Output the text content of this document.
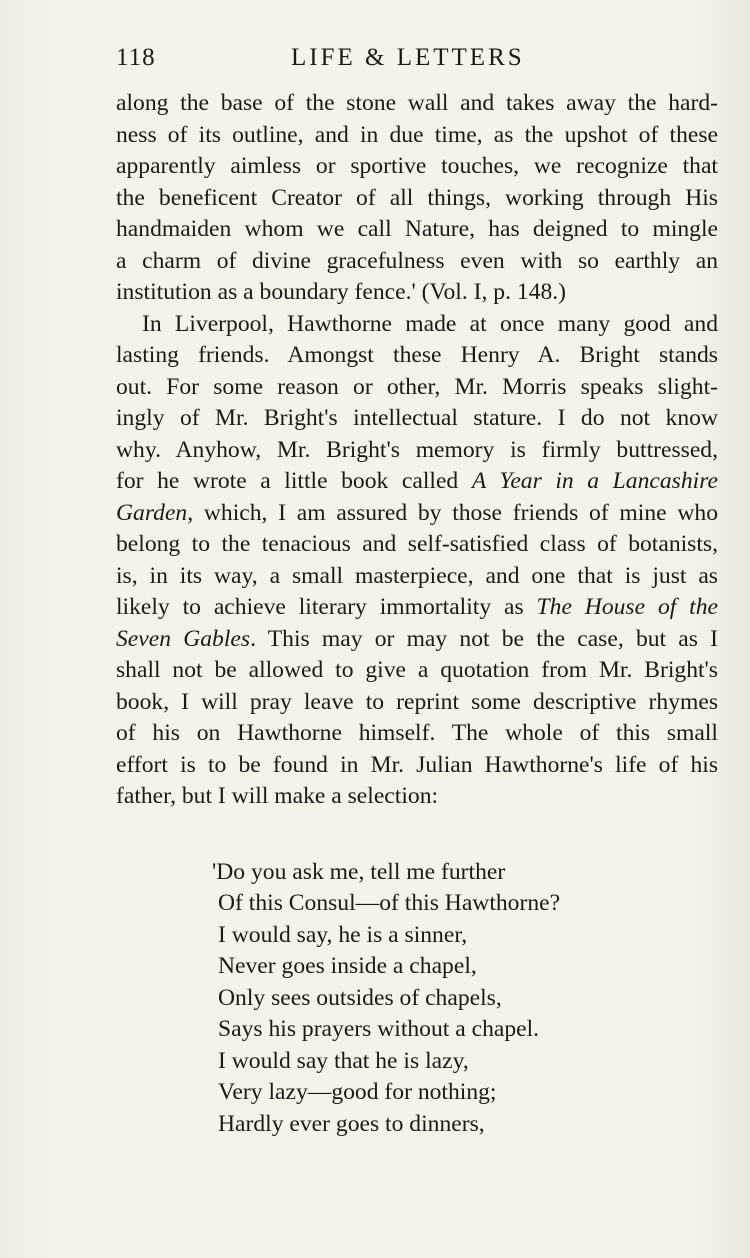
118	LIFE & LETTERS
along the base of the stone wall and takes away the hard-
ness of its outline, and in due time, as the upshot of these
apparently aimless or sportive touches, we recognize that
the beneficent Creator of all things, working through His
handmaiden whom we call Nature, has deigned to mingle
a charm of divine gracefulness even with so earthly an
institution as a boundary fence.' (Vol. I, p. 148.)
In Liverpool, Hawthorne made at once many good and
lasting friends. Amongst these Henry A. Bright stands
out. For some reason or other, Mr. Morris speaks slight-
ingly of Mr. Bright's intellectual stature. I do not know
why. Anyhow, Mr. Bright's memory is firmly buttressed,
for he wrote a little book called A Year in a Lancashire
Garden, which, I am assured by those friends of mine who
belong to the tenacious and self-satisfied class of botanists,
is, in its way, a small masterpiece, and one that is just as
likely to achieve literary immortality as The House of the
Seven Gables. This may or may not be the case, but as I
shall not be allowed to give a quotation from Mr. Bright's
book, I will pray leave to reprint some descriptive rhymes
of his on Hawthorne himself. The whole of this small
effort is to be found in Mr. Julian Hawthorne's life of his
father, but I will make a selection:
'Do you ask me, tell me further
Of this Consul—of this Hawthorne?
I would say, he is a sinner,
Never goes inside a chapel,
Only sees outsides of chapels,
Says his prayers without a chapel.
I would say that he is lazy,
Very lazy—good for nothing;
Hardly ever goes to dinners,
